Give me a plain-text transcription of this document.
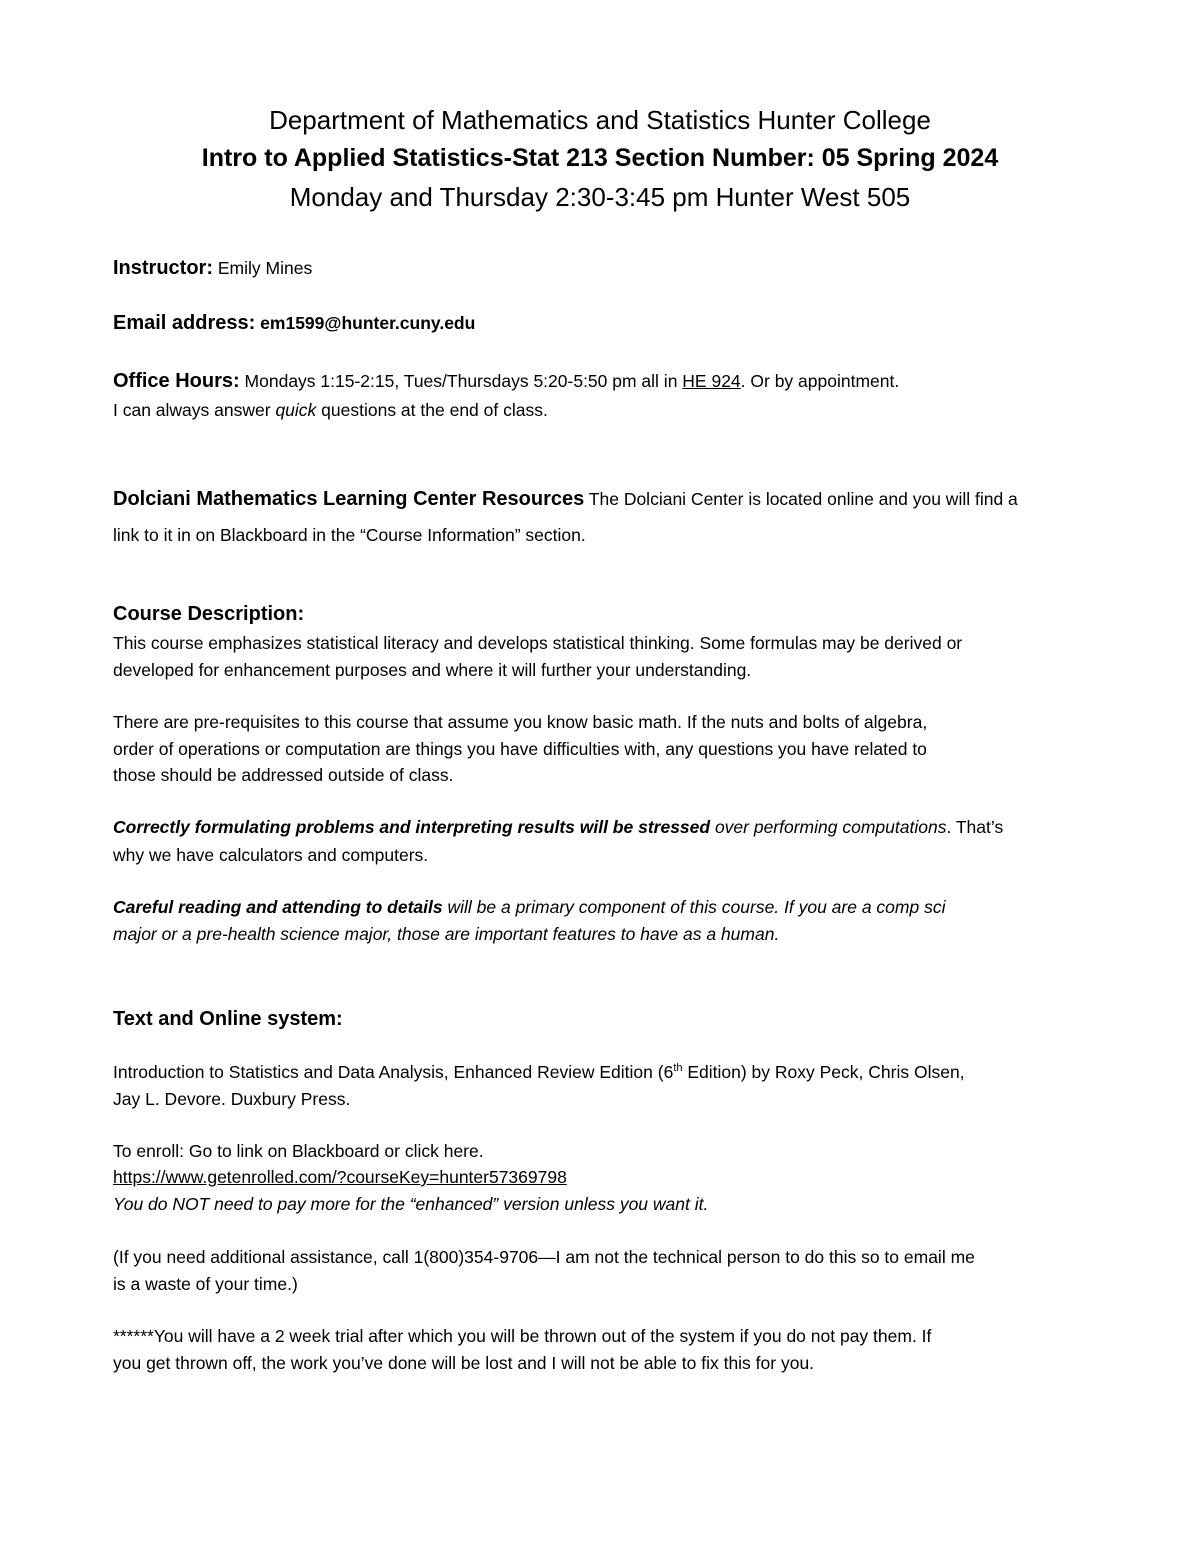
Department of Mathematics and Statistics Hunter College
Intro to Applied Statistics-Stat 213 Section Number: 05 Spring 2024
Monday and Thursday 2:30-3:45 pm Hunter West 505
Instructor: Emily Mines
Email address: em1599@hunter.cuny.edu
Office Hours: Mondays 1:15-2:15, Tues/Thursdays 5:20-5:50 pm all in HE 924. Or by appointment.
I can always answer quick questions at the end of class.
Dolciani Mathematics Learning Center Resources The Dolciani Center is located online and you will find a
link to it in on Blackboard in the “Course Information” section.
Course Description:
This course emphasizes statistical literacy and develops statistical thinking. Some formulas may be derived or
developed for enhancement purposes and where it will further your understanding.
There are pre-requisites to this course that assume you know basic math. If the nuts and bolts of algebra,
order of operations or computation are things you have difficulties with, any questions you have related to
those should be addressed outside of class.
Correctly formulating problems and interpreting results will be stressed over performing computations. That’s
why we have calculators and computers.
Careful reading and attending to details will be a primary component of this course. If you are a comp sci
major or a pre-health science major, those are important features to have as a human.
Text and Online system:
Introduction to Statistics and Data Analysis, Enhanced Review Edition (6th Edition) by Roxy Peck, Chris Olsen,
Jay L. Devore. Duxbury Press.
To enroll: Go to link on Blackboard or click here.
https://www.getenrolled.com/?courseKey=hunter57369798
You do NOT need to pay more for the “enhanced” version unless you want it.
(If you need additional assistance, call 1(800)354-9706—I am not the technical person to do this so to email me
is a waste of your time.)
******You will have a 2 week trial after which you will be thrown out of the system if you do not pay them. If
you get thrown off, the work you’ve done will be lost and I will not be able to fix this for you.
